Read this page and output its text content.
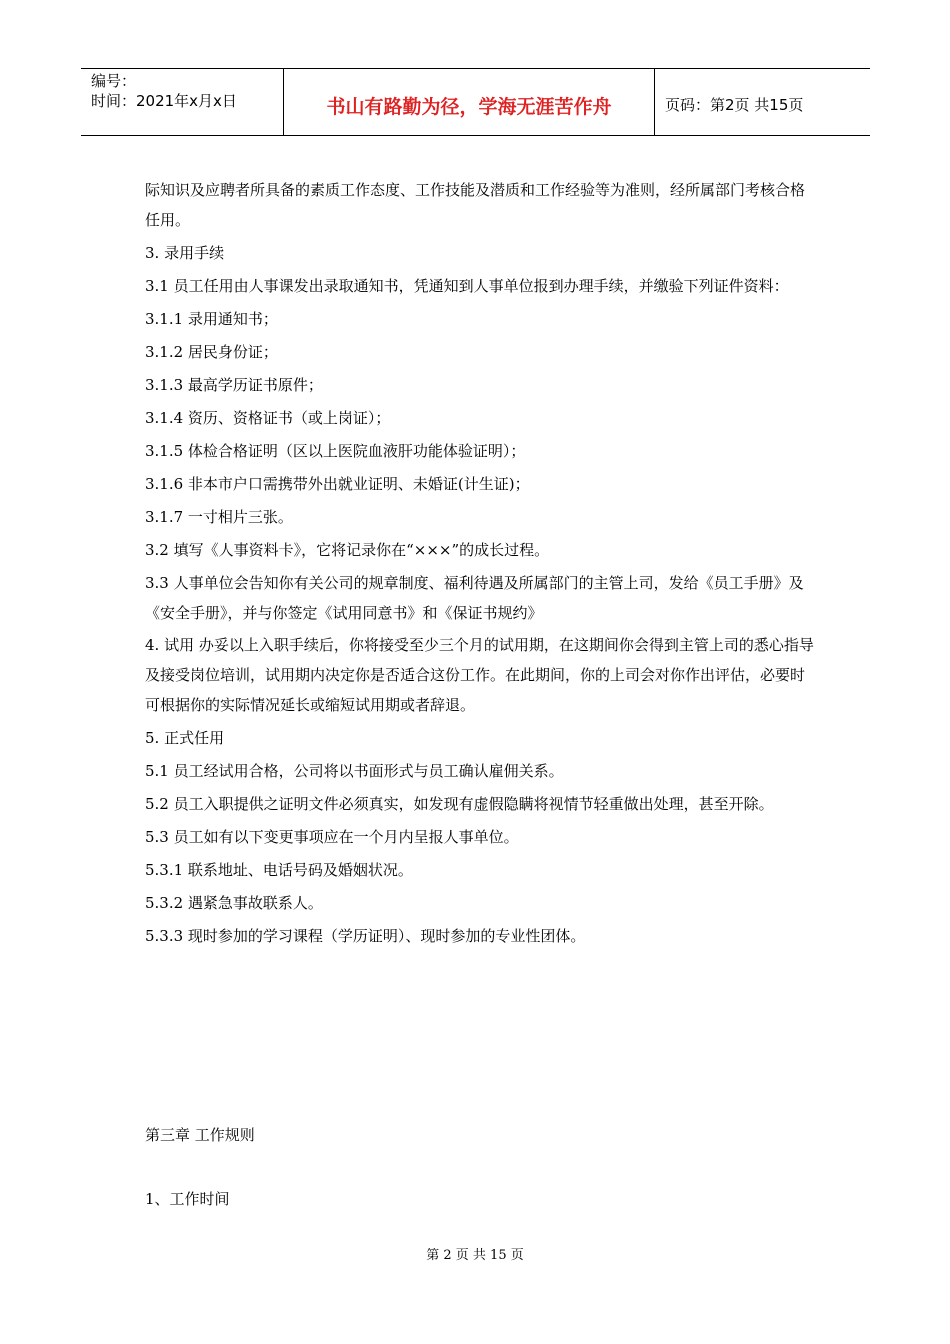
编号：
时间：2021年x月x日	书山有路勤为径，学海无涯苦作舟	页码：第2页 共15页

际知识及应聘者所具备的素质工作态度、工作技能及潜质和工作经验等为准则，经所属部门考核合格任用。

3. 录用手续

3.1 员工任用由人事课发出录取通知书，凭通知到人事单位报到办理手续，并缴验下列证件资料：

3.1.1 录用通知书；

3.1.2 居民身份证；

3.1.3 最高学历证书原件；

3.1.4 资历、资格证书（或上岗证）；

3.1.5 体检合格证明（区以上医院血液肝功能体验证明）；

3.1.6 非本市户口需携带外出就业证明、未婚证(计生证)；

3.1.7 一寸相片三张。

3.2 填写《人事资料卡》，它将记录你在“×××”的成长过程。

3.3 人事单位会告知你有关公司的规章制度、福利待遇及所属部门的主管上司，发给《员工手册》及《安全手册》，并与你签定《试用同意书》和《保证书规约》

4. 试用 办妥以上入职手续后，你将接受至少三个月的试用期，在这期间你会得到主管上司的悉心指导及接受岗位培训，试用期内决定你是否适合这份工作。在此期间，你的上司会对你作出评估，必要时可根据你的实际情况延长或缩短试用期或者辞退。

5. 正式任用

5.1 员工经试用合格，公司将以书面形式与员工确认雇佣关系。

5.2 员工入职提供之证明文件必须真实，如发现有虚假隐瞒将视情节轻重做出处理，甚至开除。

5.3 员工如有以下变更事项应在一个月内呈报人事单位。

5.3.1 联系地址、电话号码及婚姻状况。

5.3.2 遇紧急事故联系人。

5.3.3 现时参加的学习课程（学历证明）、现时参加的专业性团体。

第三章 工作规则
1、工作时间
第 2 页 共 15 页
